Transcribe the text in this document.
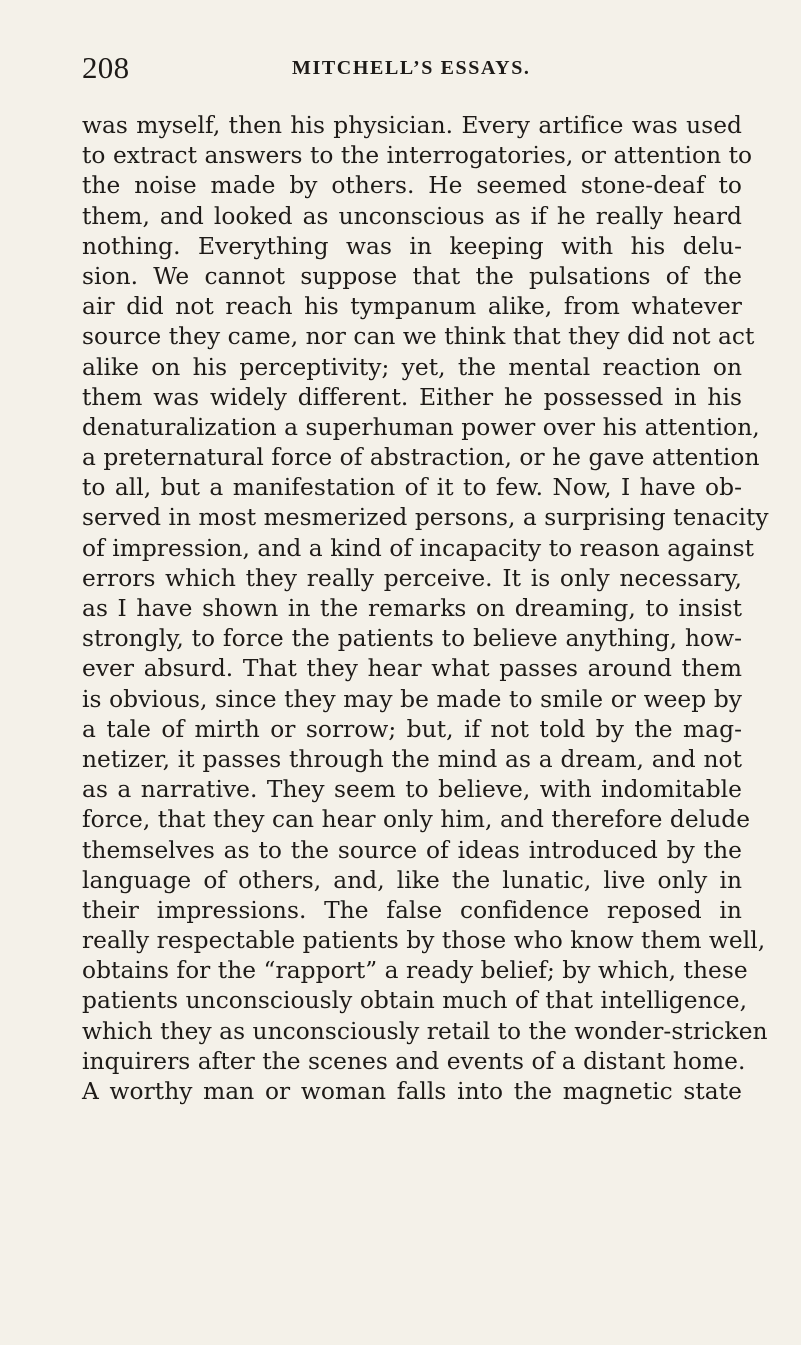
208	MITCHELL’S ESSAYS.
was myself, then his physician. Every artifice was used
to extract answers to the interrogatories, or attention to
the noise made by others. He seemed stone-deaf to
them, and looked as unconscious as if he really heard
nothing. Everything was in keeping with his delu-
sion. We cannot suppose that the pulsations of the
air did not reach his tympanum alike, from whatever
source they came, nor can we think that they did not act
alike on his perceptivity; yet, the mental reaction on
them was widely different. Either he possessed in his
denaturalization a superhuman power over his attention,
a preternatural force of abstraction, or he gave attention
to all, but a manifestation of it to few. Now, I have ob-
served in most mesmerized persons, a surprising tenacity
of impression, and a kind of incapacity to reason against
errors which they really perceive. It is only necessary,
as I have shown in the remarks on dreaming, to insist
strongly, to force the patients to believe anything, how-
ever absurd. That they hear what passes around them
is obvious, since they may be made to smile or weep by
a tale of mirth or sorrow; but, if not told by the mag-
netizer, it passes through the mind as a dream, and not
as a narrative. They seem to believe, with indomitable
force, that they can hear only him, and therefore delude
themselves as to the source of ideas introduced by the
language of others, and, like the lunatic, live only in
their impressions. The false confidence reposed in
really respectable patients by those who know them well,
obtains for the “rapport” a ready belief; by which, these
patients unconsciously obtain much of that intelligence,
which they as unconsciously retail to the wonder-stricken
inquirers after the scenes and events of a distant home.
A worthy man or woman falls into the magnetic state
